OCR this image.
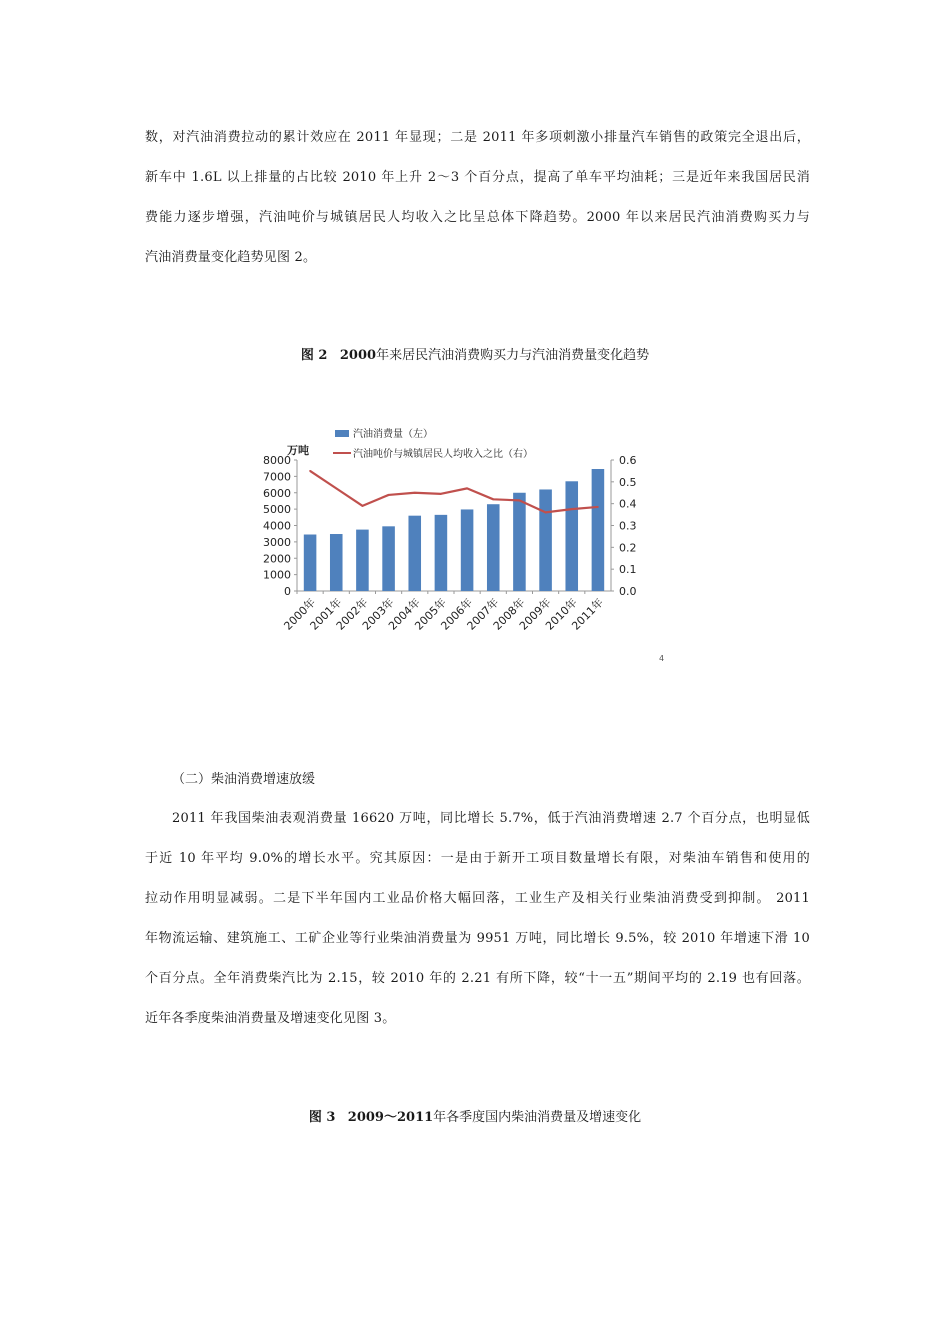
数，对汽油消费拉动的累计效应在 2011 年显现；二是 2011 年多项刺激小排量汽车销售的政策完全退出后，
新车中 1.6L 以上排量的占比较 2010 年上升 2～3 个百分点，提高了单车平均油耗；三是近年来我国居民消
费能力逐步增强，汽油吨价与城镇居民人均收入之比呈总体下降趋势。2000 年以来居民汽油消费购买力与
汽油消费量变化趋势见图 2。

图 2 2000年来居民汽油消费购买力与汽油消费量变化趋势

汽油消费量（左）
汽油吨价与城镇居民人均收入之比（右）
万吨
8000
7000
6000
5000
4000
3000
2000
1000
0
0.6
0.5
0.4
0.3
0.2
0.1
0.0
2000年
2001年
2002年
2003年
2004年
2005年
2006年
2007年
2008年
2009年
2010年
2011年
4

（二）柴油消费增速放缓

2011 年我国柴油表观消费量 16620 万吨，同比增长 5.7%，低于汽油消费增速 2.7 个百分点，也明显低
于近 10 年平均 9.0%的增长水平。究其原因：一是由于新开工项目数量增长有限，对柴油车销售和使用的
拉动作用明显减弱。二是下半年国内工业品价格大幅回落，工业生产及相关行业柴油消费受到抑制。 2011
年物流运输、建筑施工、工矿企业等行业柴油消费量为 9951 万吨，同比增长 9.5%，较 2010 年增速下滑 10
个百分点。全年消费柴汽比为 2.15，较 2010 年的 2.21 有所下降，较“十一五”期间平均的 2.19 也有回落。
近年各季度柴油消费量及增速变化见图 3。

图 3 2009～2011年各季度国内柴油消费量及增速变化
